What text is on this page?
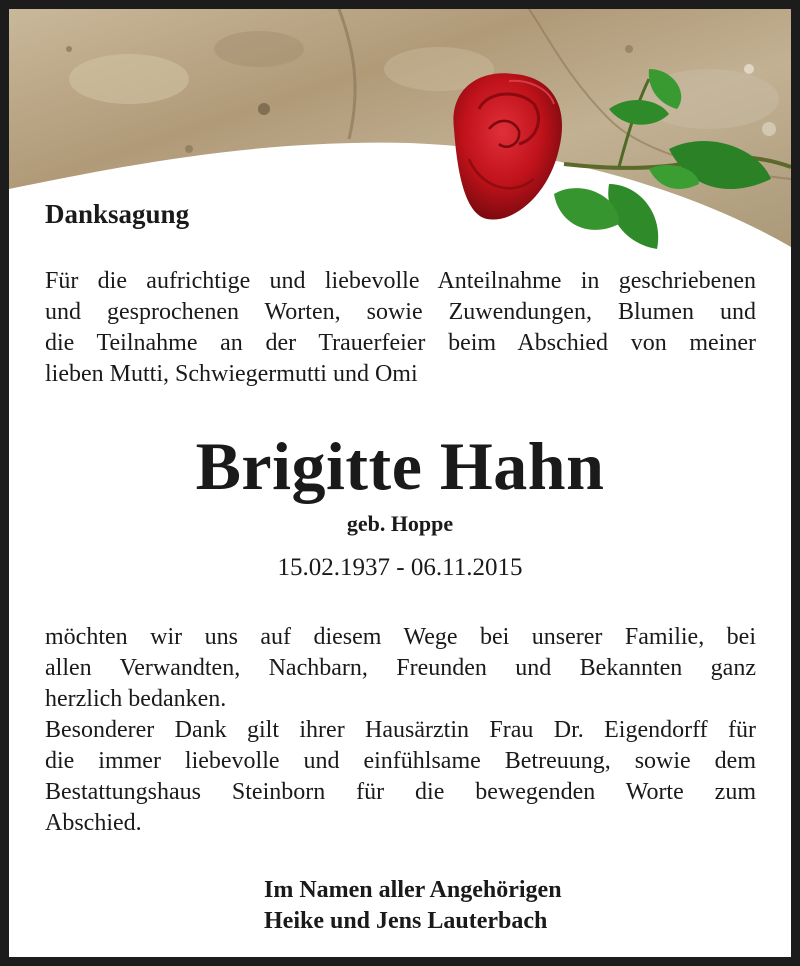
Danksagung

Für die aufrichtige und liebevolle Anteilnahme in geschriebenen
und gesprochenen Worten, sowie Zuwendungen, Blumen und
die Teilnahme an der Trauerfeier beim Abschied von meiner
lieben Mutti, Schwiegermutti und Omi

Brigitte Hahn

geb. Hoppe

15.02.1937 - 06.11.2015

möchten wir uns auf diesem Wege bei unserer Familie, bei
allen Verwandten, Nachbarn, Freunden und Bekannten ganz
herzlich bedanken.

Besonderer Dank gilt ihrer Hausärztin Frau Dr. Eigendorff für
die immer liebevolle und einfühlsame Betreuung, sowie dem
Bestattungshaus Steinborn für die bewegenden Worte zum
Abschied.

Im Namen aller Angehörigen
Heike und Jens Lauterbach
